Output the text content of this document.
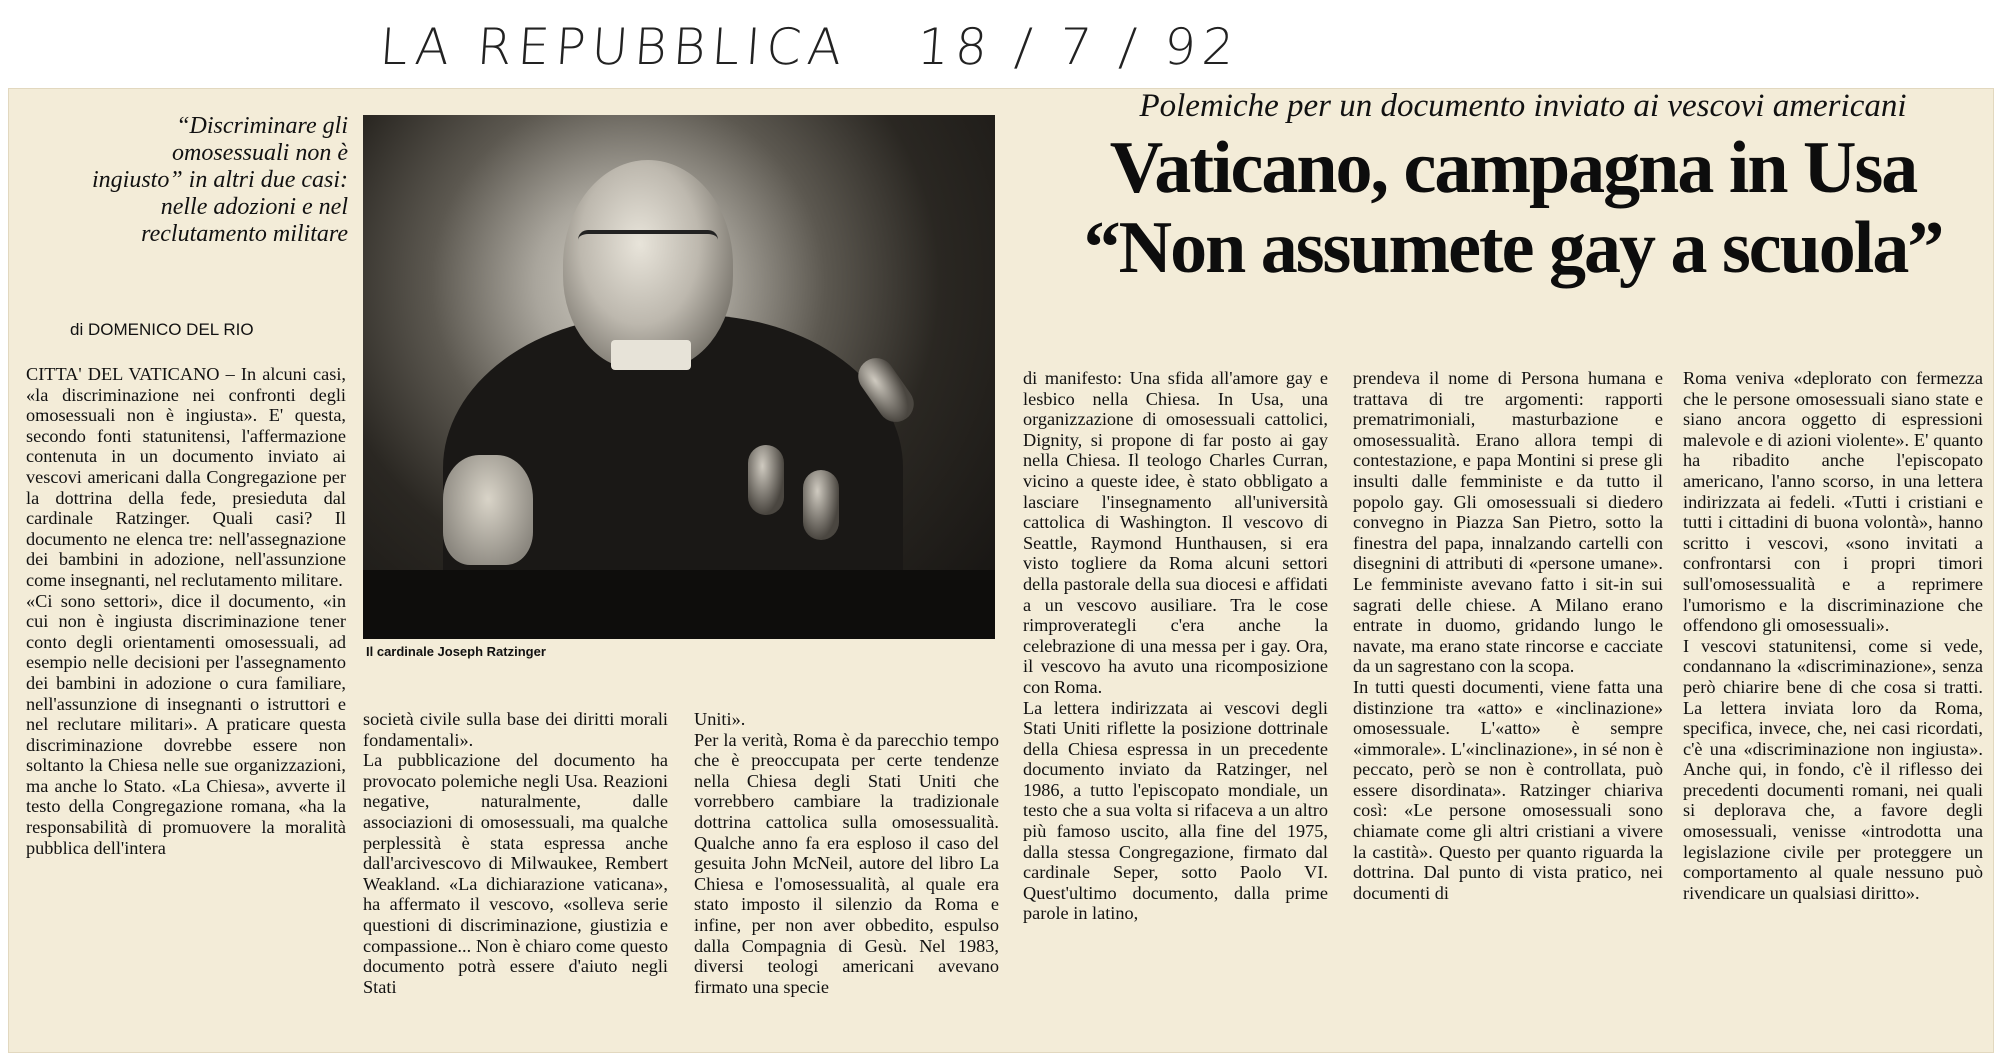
LA REPUBBLICA 18 / 7 / 92
“Discriminare gli omosessuali non è ingiusto” in altri due casi: nelle adozioni e nel reclutamento militare
di DOMENICO DEL RIO
Il cardinale Joseph Ratzinger
Polemiche per un documento inviato ai vescovi americani
Vaticano, campagna in Usa
“Non assumete gay a scuola”
CITTA' DEL VATICANO – In alcuni casi, «la discriminazione nei confronti degli omosessuali non è ingiusta». E' questa, secondo fonti statunitensi, l'affermazione contenuta in un documento inviato ai vescovi americani dalla Congregazione per la dottrina della fede, presieduta dal cardinale Ratzinger. Quali casi? Il documento ne elenca tre: nell'assegnazione dei bambini in adozione, nell'assunzione come insegnanti, nel reclutamento militare.
«Ci sono settori», dice il documento, «in cui non è ingiusta discriminazione tener conto degli orientamenti omosessuali, ad esempio nelle decisioni per l'assegnamento dei bambini in adozione o cura familiare, nell'assunzione di insegnanti o istruttori e nel reclutare militari». A praticare questa discriminazione dovrebbe essere non soltanto la Chiesa nelle sue organizzazioni, ma anche lo Stato. «La Chiesa», avverte il testo della Congregazione romana, «ha la responsabilità di promuovere la moralità pubblica dell'intera
società civile sulla base dei diritti morali fondamentali».
La pubblicazione del documento ha provocato polemiche negli Usa. Reazioni negative, naturalmente, dalle associazioni di omosessuali, ma qualche perplessità è stata espressa anche dall'arcivescovo di Milwaukee, Rembert Weakland. «La dichiarazione vaticana», ha affermato il vescovo, «solleva serie questioni di discriminazione, giustizia e compassione... Non è chiaro come questo documento potrà essere d'aiuto negli Stati
Uniti».
Per la verità, Roma è da parecchio tempo che è preoccupata per certe tendenze nella Chiesa degli Stati Uniti che vorrebbero cambiare la tradizionale dottrina cattolica sulla omosessualità. Qualche anno fa era esploso il caso del gesuita John McNeil, autore del libro La Chiesa e l'omosessualità, al quale era stato imposto il silenzio da Roma e infine, per non aver obbedito, espulso dalla Compagnia di Gesù. Nel 1983, diversi teologi americani avevano firmato una specie
di manifesto: Una sfida all'amore gay e lesbico nella Chiesa. In Usa, una organizzazione di omosessuali cattolici, Dignity, si propone di far posto ai gay nella Chiesa. Il teologo Charles Curran, vicino a queste idee, è stato obbligato a lasciare l'insegnamento all'università cattolica di Washington. Il vescovo di Seattle, Raymond Hunthausen, si era visto togliere da Roma alcuni settori della pastorale della sua diocesi e affidati a un vescovo ausiliare. Tra le cose rimproverategli c'era anche la celebrazione di una messa per i gay. Ora, il vescovo ha avuto una ricomposizione con Roma.
La lettera indirizzata ai vescovi degli Stati Uniti riflette la posizione dottrinale della Chiesa espressa in un precedente documento inviato da Ratzinger, nel 1986, a tutto l'episcopato mondiale, un testo che a sua volta si rifaceva a un altro più famoso uscito, alla fine del 1975, dalla stessa Congregazione, firmato dal cardinale Seper, sotto Paolo VI. Quest'ultimo documento, dalla prime parole in latino,
prendeva il nome di Persona humana e trattava di tre argomenti: rapporti prematrimoniali, masturbazione e omosessualità. Erano allora tempi di contestazione, e papa Montini si prese gli insulti dalle femministe e da tutto il popolo gay. Gli omosessuali si diedero convegno in Piazza San Pietro, sotto la finestra del papa, innalzando cartelli con disegnini di attributi di «persone umane». Le femministe avevano fatto i sit-in sui sagrati delle chiese. A Milano erano entrate in duomo, gridando lungo le navate, ma erano state rincorse e cacciate da un sagrestano con la scopa.
In tutti questi documenti, viene fatta una distinzione tra «atto» e «inclinazione» omosessuale. L'«atto» è sempre «immorale». L'«inclinazione», in sé non è peccato, però se non è controllata, può essere disordinata». Ratzinger chiariva così: «Le persone omosessuali sono chiamate come gli altri cristiani a vivere la castità». Questo per quanto riguarda la dottrina. Dal punto di vista pratico, nei documenti di
Roma veniva «deplorato con fermezza che le persone omosessuali siano state e siano ancora oggetto di espressioni malevole e di azioni violente». E' quanto ha ribadito anche l'episcopato americano, l'anno scorso, in una lettera indirizzata ai fedeli. «Tutti i cristiani e tutti i cittadini di buona volontà», hanno scritto i vescovi, «sono invitati a confrontarsi con i propri timori sull'omosessualità e a reprimere l'umorismo e la discriminazione che offendono gli omosessuali».
I vescovi statunitensi, come si vede, condannano la «discriminazione», senza però chiarire bene di che cosa si tratti. La lettera inviata loro da Roma, specifica, invece, che, nei casi ricordati, c'è una «discriminazione non ingiusta». Anche qui, in fondo, c'è il riflesso dei precedenti documenti romani, nei quali si deplorava che, a favore degli omosessuali, venisse «introdotta una legislazione civile per proteggere un comportamento al quale nessuno può rivendicare un qualsiasi diritto».
